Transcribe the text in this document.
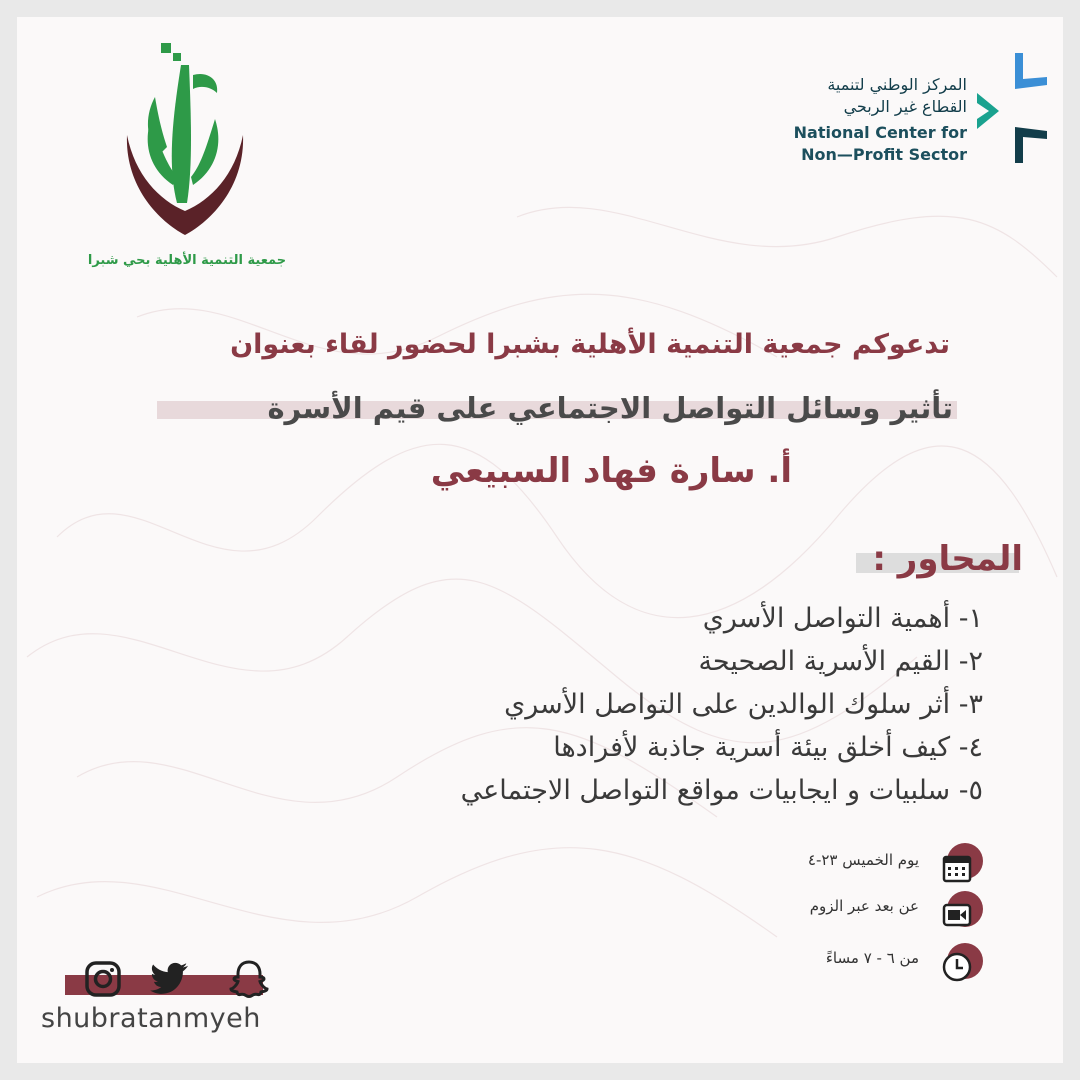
جمعية التنمية الأهلية بحي شبرا
المركز الوطني لتنمية
القطاع غير الربحي
National Center for
Non—Profit Sector
تدعوكم جمعية التنمية الأهلية بشبرا لحضور لقاء بعنوان
تأثير وسائل التواصل الاجتماعي على قيم الأسرة
أ. سارة فهاد السبيعي
المحاور :
١- أهمية التواصل الأسري
٢- القيم الأسرية الصحيحة
٣- أثر سلوك الوالدين على التواصل الأسري
٤- كيف أخلق بيئة أسرية جاذبة لأفرادها
٥- سلبيات و ايجابيات مواقع التواصل الاجتماعي
يوم الخميس ٢٣-٤
عن بعد عبر الزوم
من ٦ - ٧ مساءً
shubratanmyeh
